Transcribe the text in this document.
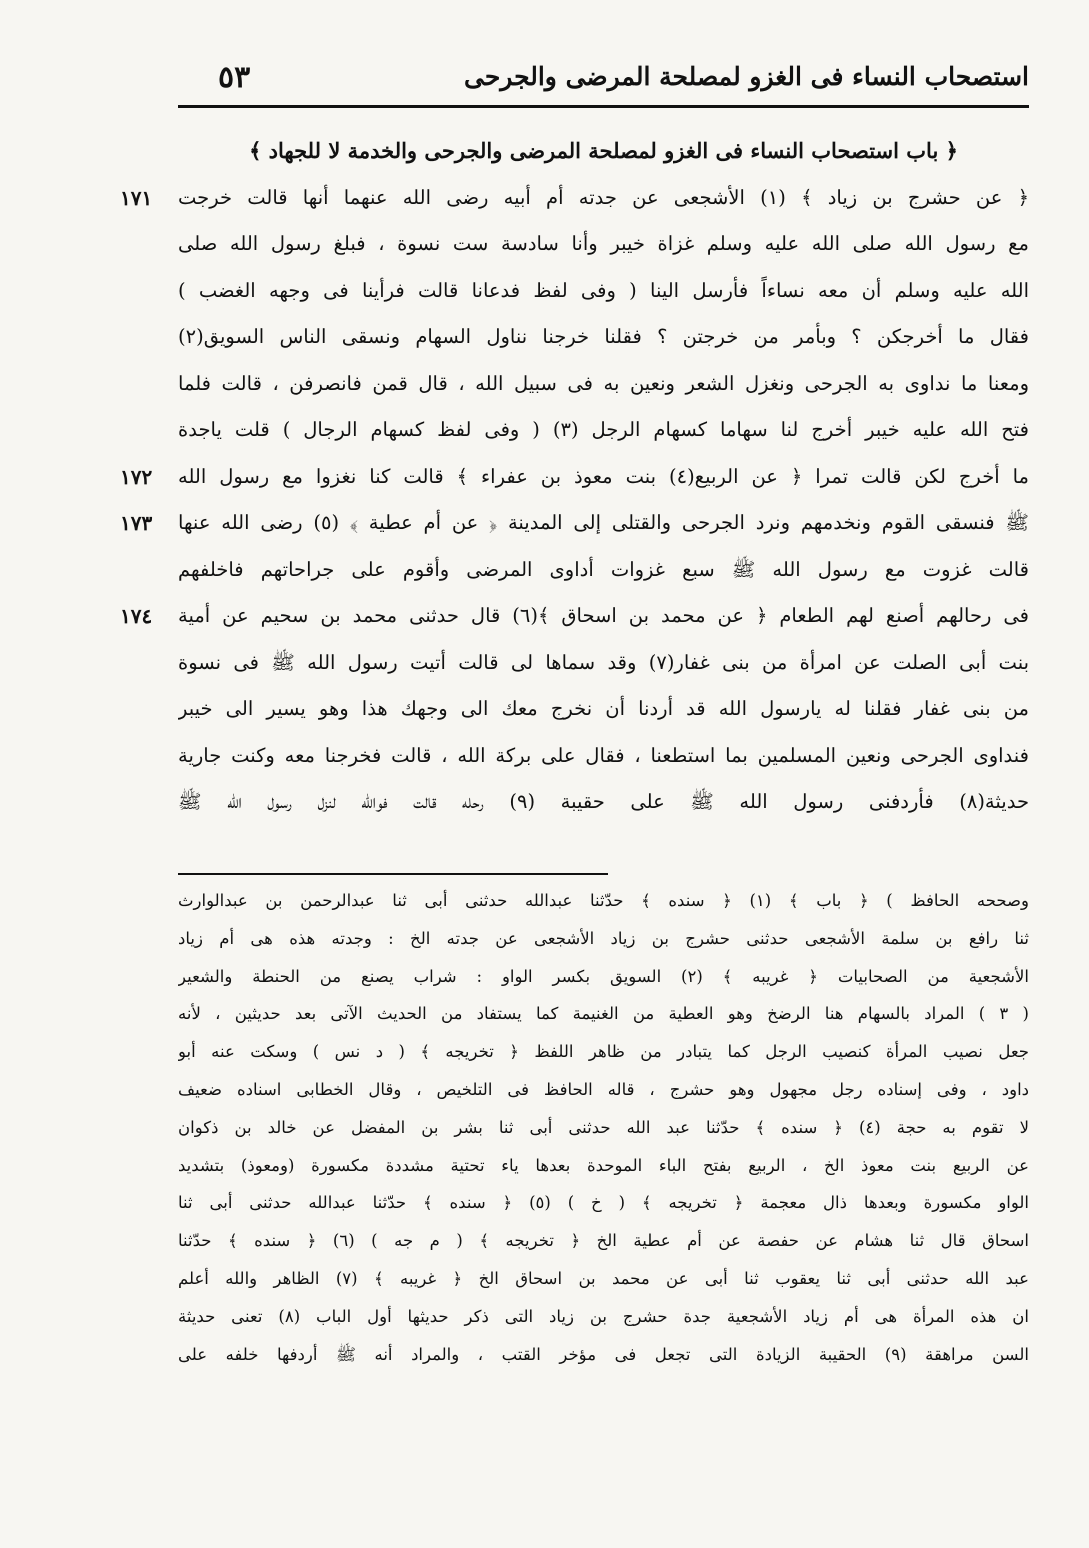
استصحاب النساء فى الغزو لمصلحة المرضى والجرحى
٥٣
﴿ باب استصحاب النساء فى الغزو لمصلحة المرضى والجرحى والخدمة لا للجهاد ﴾
﴿ عن حشرج بن زياد ﴾ (١) الأشجعى عن جدته أم أبيه رضى الله عنهما أنها قالت خرجت
مع رسول الله صلى الله عليه وسلم غزاة خيبر وأنا سادسة ست نسوة ، فبلغ رسول الله صلى
الله عليه وسلم أن معه نساءاً فأرسل الينا ( وفى لفظ فدعانا قالت فرأينا فى وجهه الغضب )
فقال ما أخرجكن ؟ وبأمر من خرجتن ؟ فقلنا خرجنا نناول السهام ونسقى الناس السويق(٢)
ومعنا ما نداوى به الجرحى ونغزل الشعر ونعين به فى سبيل الله ، قال قمن فانصرفن ، قالت فلما
فتح الله عليه خيبر أخرج لنا سهاما كسهام الرجل (٣) ( وفى لفظ كسهام الرجال ) قلت ياجدة
ما أخرج لكن قالت تمرا ﴿ عن الربيع(٤) بنت معوذ بن عفراء ﴾ قالت كنا نغزوا مع رسول الله
ﷺ فنسقى القوم ونخدمهم ونرد الجرحى والقتلى إلى المدينة ﴿ عن أم عطية ﴾ (٥) رضى الله عنها
قالت غزوت مع رسول الله ﷺ سبع غزوات أداوى المرضى وأقوم على جراحاتهم فاخلفهم
فى رحالهم أصنع لهم الطعام ﴿ عن محمد بن اسحاق ﴾(٦) قال حدثنى محمد بن سحيم عن أمية
بنت أبى الصلت عن امرأة من بنى غفار(٧) وقد سماها لى قالت أتيت رسول الله ﷺ فى نسوة
من بنى غفار فقلنا له يارسول الله قد أردنا أن نخرج معك الى وجهك هذا وهو يسير الى خيبر
فنداوى الجرحى ونعين المسلمين بما استطعنا ، فقال على بركة الله ، قالت فخرجنا معه وكنت جارية
حديثة(٨) فأردفنى رسول الله ﷺ على حقيبة (٩) رحله قالت فوالله لنزل رسول الله ﷺ
١٧١
١٧٢
١٧٣
١٧٤
وصححه الحافظ ) ﴿ باب ﴾ (١) ﴿ سنده ﴾ حدّثنا عبدالله حدثنى أبى ثنا عبدالرحمن بن عبدالوارث
ثنا رافع بن سلمة الأشجعى حدثنى حشرج بن زياد الأشجعى عن جدته الخ : وجدته هذه هى أم زياد
الأشجعية من الصحابيات ﴿ غريبه ﴾ (٢) السويق بكسر الواو : شراب يصنع من الحنطة والشعير
( ٣ ) المراد بالسهام هنا الرضخ وهو العطية من الغنيمة كما يستفاد من الحديث الآتى بعد حديثين ، لأنه
جعل نصيب المرأة كنصيب الرجل كما يتبادر من ظاهر اللفظ ﴿ تخريجه ﴾ ( د نس ) وسكت عنه أبو
داود ، وفى إسناده رجل مجهول وهو حشرج ، قاله الحافظ فى التلخيص ، وقال الخطابى اسناده ضعيف
لا تقوم به حجة (٤) ﴿ سنده ﴾ حدّثنا عبد الله حدثنى أبى ثنا بشر بن المفضل عن خالد بن ذكوان
عن الربيع بنت معوذ الخ ، الربيع بفتح الباء الموحدة بعدها ياء تحتية مشددة مكسورة (ومعوذ) بتشديد
الواو مكسورة وبعدها ذال معجمة ﴿ تخريجه ﴾ ( خ ) (٥) ﴿ سنده ﴾ حدّثنا عبدالله حدثنى أبى ثنا
اسحاق قال ثنا هشام عن حفصة عن أم عطية الخ ﴿ تخريجه ﴾ ( م جه ) (٦) ﴿ سنده ﴾ حدّثنا
عبد الله حدثنى أبى ثنا يعقوب ثنا أبى عن محمد بن اسحاق الخ ﴿ غريبه ﴾ (٧) الظاهر والله أعلم
ان هذه المرأة هى أم زياد الأشجعية جدة حشرج بن زياد التى ذكر حديثها أول الباب (٨) تعنى حديثة
السن مراهقة (٩) الحقيبة الزيادة التى تجعل فى مؤخر القتب ، والمراد أنه ﷺ أردفها خلفه على
